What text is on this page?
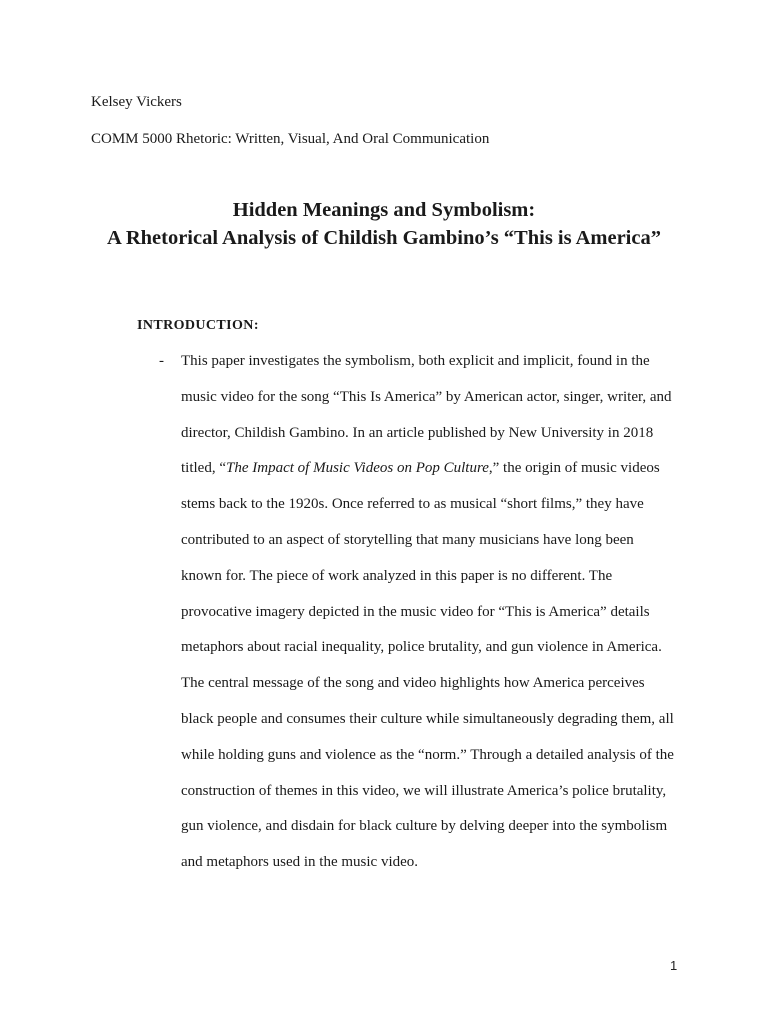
Kelsey Vickers
COMM 5000 Rhetoric: Written, Visual, And Oral Communication
Hidden Meanings and Symbolism:
A Rhetorical Analysis of Childish Gambino’s “This is America”
INTRODUCTION:
- This paper investigates the symbolism, both explicit and implicit, found in the
music video for the song “This Is America” by American actor, singer, writer, and
director, Childish Gambino. In an article published by New University in 2018
titled, “The Impact of Music Videos on Pop Culture,” the origin of music videos
stems back to the 1920s. Once referred to as musical “short films,” they have
contributed to an aspect of storytelling that many musicians have long been
known for. The piece of work analyzed in this paper is no different. The
provocative imagery depicted in the music video for “This is America” details
metaphors about racial inequality, police brutality, and gun violence in America.
The central message of the song and video highlights how America perceives
black people and consumes their culture while simultaneously degrading them, all
while holding guns and violence as the “norm.” Through a detailed analysis of the
construction of themes in this video, we will illustrate America’s police brutality,
gun violence, and disdain for black culture by delving deeper into the symbolism
and metaphors used in the music video.
1
